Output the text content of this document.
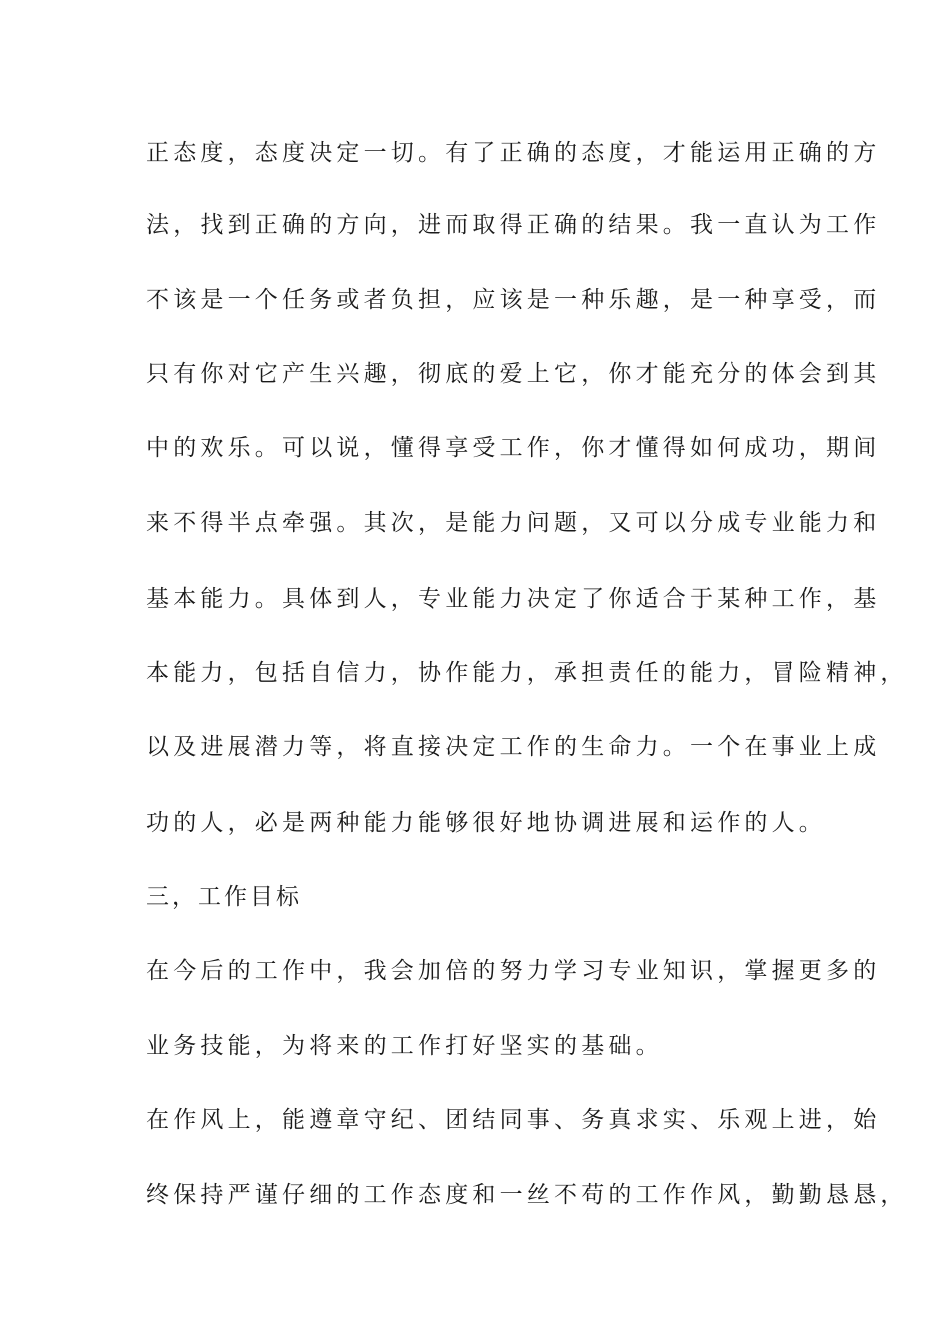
正态度，态度决定一切。有了正确的态度，才能运用正确的方
法，找到正确的方向，进而取得正确的结果。我一直认为工作
不该是一个任务或者负担，应该是一种乐趣，是一种享受，而
只有你对它产生兴趣，彻底的爱上它，你才能充分的体会到其
中的欢乐。可以说，懂得享受工作，你才懂得如何成功，期间
来不得半点牵强。其次，是能力问题，又可以分成专业能力和
基本能力。具体到人，专业能力决定了你适合于某种工作，基
本能力，包括自信力，协作能力，承担责任的能力，冒险精神，
以及进展潜力等，将直接决定工作的生命力。一个在事业上成
功的人，必是两种能力能够很好地协调进展和运作的人。
三，工作目标
在今后的工作中，我会加倍的努力学习专业知识，掌握更多的
业务技能，为将来的工作打好坚实的基础。
在作风上，能遵章守纪、团结同事、务真求实、乐观上进，始
终保持严谨仔细的工作态度和一丝不苟的工作作风，勤勤恳恳，
